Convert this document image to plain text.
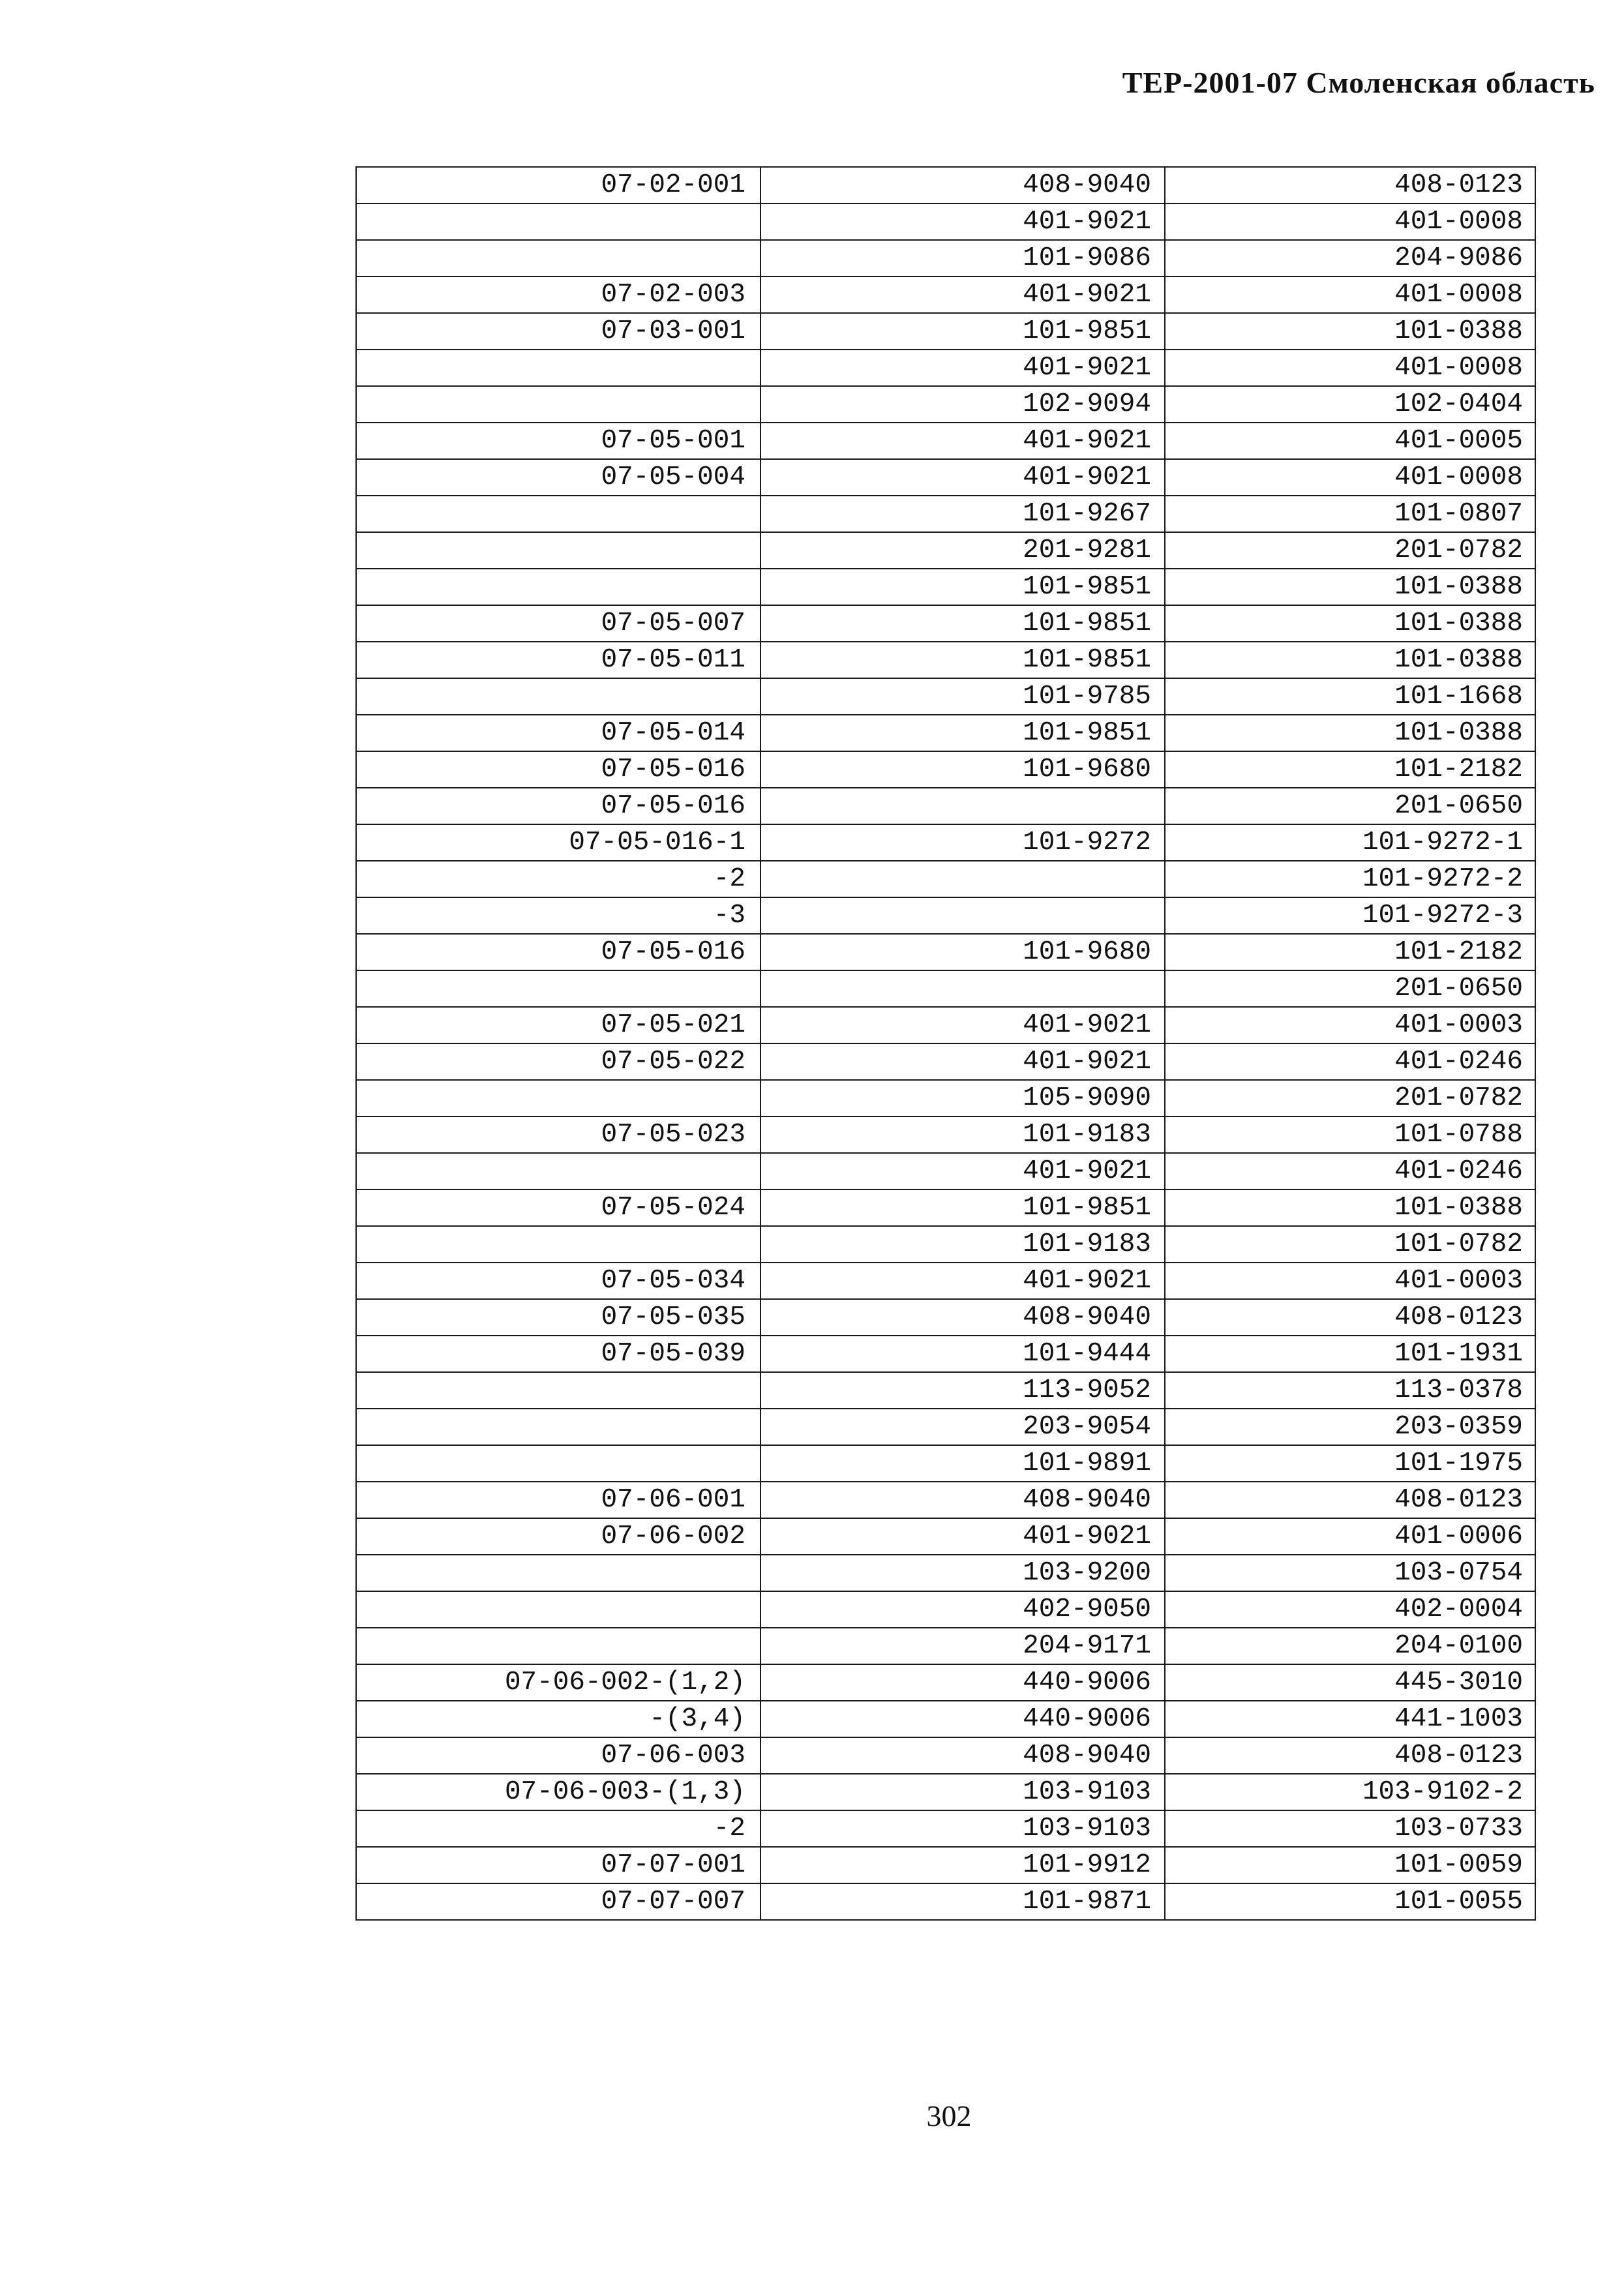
ТЕР-2001-07 Смоленская область
07-02-001	408-9040	408-0123
	401-9021	401-0008
	101-9086	204-9086
07-02-003	401-9021	401-0008
07-03-001	101-9851	101-0388
	401-9021	401-0008
	102-9094	102-0404
07-05-001	401-9021	401-0005
07-05-004	401-9021	401-0008
	101-9267	101-0807
	201-9281	201-0782
	101-9851	101-0388
07-05-007	101-9851	101-0388
07-05-011	101-9851	101-0388
	101-9785	101-1668
07-05-014	101-9851	101-0388
07-05-016	101-9680	101-2182
07-05-016		201-0650
07-05-016-1	101-9272	101-9272-1
-2		101-9272-2
-3		101-9272-3
07-05-016	101-9680	101-2182
		201-0650
07-05-021	401-9021	401-0003
07-05-022	401-9021	401-0246
	105-9090	201-0782
07-05-023	101-9183	101-0788
	401-9021	401-0246
07-05-024	101-9851	101-0388
	101-9183	101-0782
07-05-034	401-9021	401-0003
07-05-035	408-9040	408-0123
07-05-039	101-9444	101-1931
	113-9052	113-0378
	203-9054	203-0359
	101-9891	101-1975
07-06-001	408-9040	408-0123
07-06-002	401-9021	401-0006
	103-9200	103-0754
	402-9050	402-0004
	204-9171	204-0100
07-06-002-(1,2)	440-9006	445-3010
-(3,4)	440-9006	441-1003
07-06-003	408-9040	408-0123
07-06-003-(1,3)	103-9103	103-9102-2
-2	103-9103	103-0733
07-07-001	101-9912	101-0059
07-07-007	101-9871	101-0055
302
